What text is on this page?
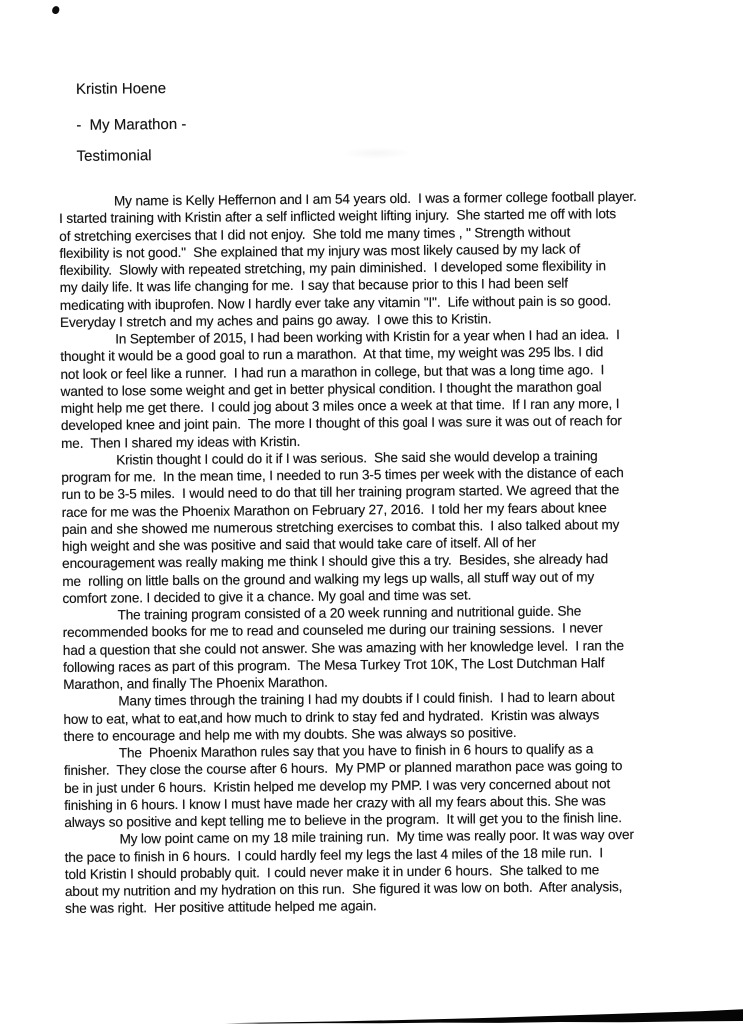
Kristin Hoene
-  My Marathon -
Testimonial
My name is Kelly Heffernon and I am 54 years old.  I was a former college football player.
I started training with Kristin after a self inflicted weight lifting injury.  She started me off with lots
of stretching exercises that I did not enjoy.  She told me many times , " Strength without
flexibility is not good."  She explained that my injury was most likely caused by my lack of
flexibility.  Slowly with repeated stretching, my pain diminished.  I developed some flexibility in
my daily life. It was life changing for me.  I say that because prior to this I had been self
medicating with ibuprofen. Now I hardly ever take any vitamin "I".  Life without pain is so good.
Everyday I stretch and my aches and pains go away.  I owe this to Kristin.
In September of 2015, I had been working with Kristin for a year when I had an idea.  I
thought it would be a good goal to run a marathon.  At that time, my weight was 295 lbs. I did
not look or feel like a runner.  I had run a marathon in college, but that was a long time ago.  I
wanted to lose some weight and get in better physical condition. I thought the marathon goal
might help me get there.  I could jog about 3 miles once a week at that time.  If I ran any more, I
developed knee and joint pain.  The more I thought of this goal I was sure it was out of reach for
me.  Then I shared my ideas with Kristin.
Kristin thought I could do it if I was serious.  She said she would develop a training
program for me.  In the mean time, I needed to run 3-5 times per week with the distance of each
run to be 3-5 miles.  I would need to do that till her training program started. We agreed that the
race for me was the Phoenix Marathon on February 27, 2016.  I told her my fears about knee
pain and she showed me numerous stretching exercises to combat this.  I also talked about my
high weight and she was positive and said that would take care of itself. All of her
encouragement was really making me think I should give this a try.  Besides, she already had
me  rolling on little balls on the ground and walking my legs up walls, all stuff way out of my
comfort zone. I decided to give it a chance. My goal and time was set.
The training program consisted of a 20 week running and nutritional guide. She
recommended books for me to read and counseled me during our training sessions.  I never
had a question that she could not answer. She was amazing with her knowledge level.  I ran the
following races as part of this program.  The Mesa Turkey Trot 10K, The Lost Dutchman Half
Marathon, and finally The Phoenix Marathon.
Many times through the training I had my doubts if I could finish.  I had to learn about
how to eat, what to eat,and how much to drink to stay fed and hydrated.  Kristin was always
there to encourage and help me with my doubts. She was always so positive.
The  Phoenix Marathon rules say that you have to finish in 6 hours to qualify as a
finisher.  They close the course after 6 hours.  My PMP or planned marathon pace was going to
be in just under 6 hours.  Kristin helped me develop my PMP. I was very concerned about not
finishing in 6 hours. I know I must have made her crazy with all my fears about this. She was
always so positive and kept telling me to believe in the program.  It will get you to the finish line.
My low point came on my 18 mile training run.  My time was really poor. It was way over
the pace to finish in 6 hours.  I could hardly feel my legs the last 4 miles of the 18 mile run.  I
told Kristin I should probably quit.  I could never make it in under 6 hours.  She talked to me
about my nutrition and my hydration on this run.  She figured it was low on both.  After analysis,
she was right.  Her positive attitude helped me again.
